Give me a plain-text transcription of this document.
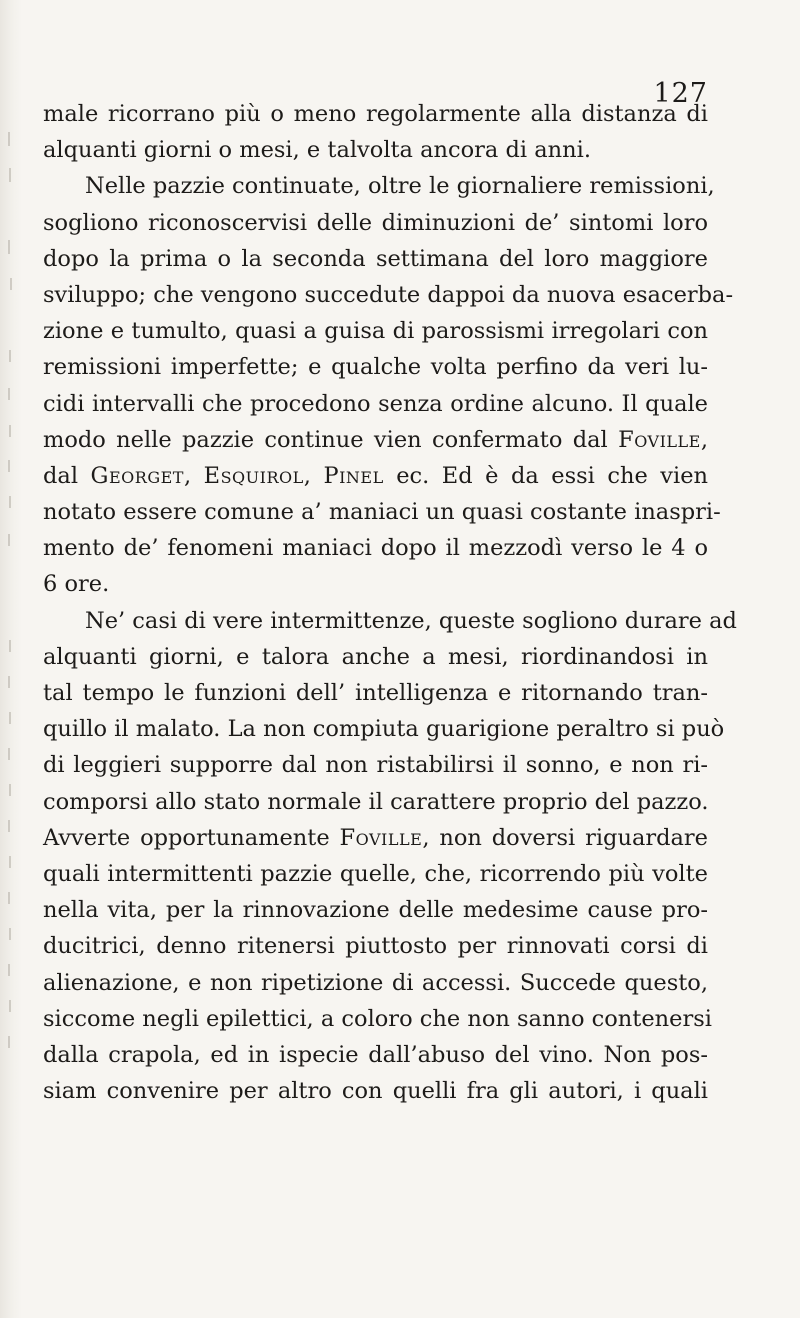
127
male ricorrano più o meno regolarmente alla distanza di
alquanti giorni o mesi, e talvolta ancora di anni.
Nelle pazzie continuate, oltre le giornaliere remissioni,
sogliono riconoscervisi delle diminuzioni de’ sintomi loro
dopo la prima o la seconda settimana del loro maggiore
sviluppo; che vengono succedute dappoi da nuova esacerba-
zione e tumulto, quasi a guisa di parossismi irregolari con
remissioni imperfette; e qualche volta perfino da veri lu-
cidi intervalli che procedono senza ordine alcuno. Il quale
modo nelle pazzie continue vien confermato dal Foville,
dal Georget, Esquirol, Pinel ec. Ed è da essi che vien
notato essere comune a’ maniaci un quasi costante inaspri-
mento de’ fenomeni maniaci dopo il mezzodì verso le 4 o
6 ore.
Ne’ casi di vere intermittenze, queste sogliono durare ad
alquanti giorni, e talora anche a mesi, riordinandosi in
tal tempo le funzioni dell’ intelligenza e ritornando tran-
quillo il malato. La non compiuta guarigione peraltro si può
di leggieri supporre dal non ristabilirsi il sonno, e non ri-
comporsi allo stato normale il carattere proprio del pazzo.
Avverte opportunamente Foville, non doversi riguardare
quali intermittenti pazzie quelle, che, ricorrendo più volte
nella vita, per la rinnovazione delle medesime cause pro-
ducitrici, denno ritenersi piuttosto per rinnovati corsi di
alienazione, e non ripetizione di accessi. Succede questo,
siccome negli epilettici, a coloro che non sanno contenersi
dalla crapola, ed in ispecie dall’abuso del vino. Non pos-
siam convenire per altro con quelli fra gli autori, i quali
